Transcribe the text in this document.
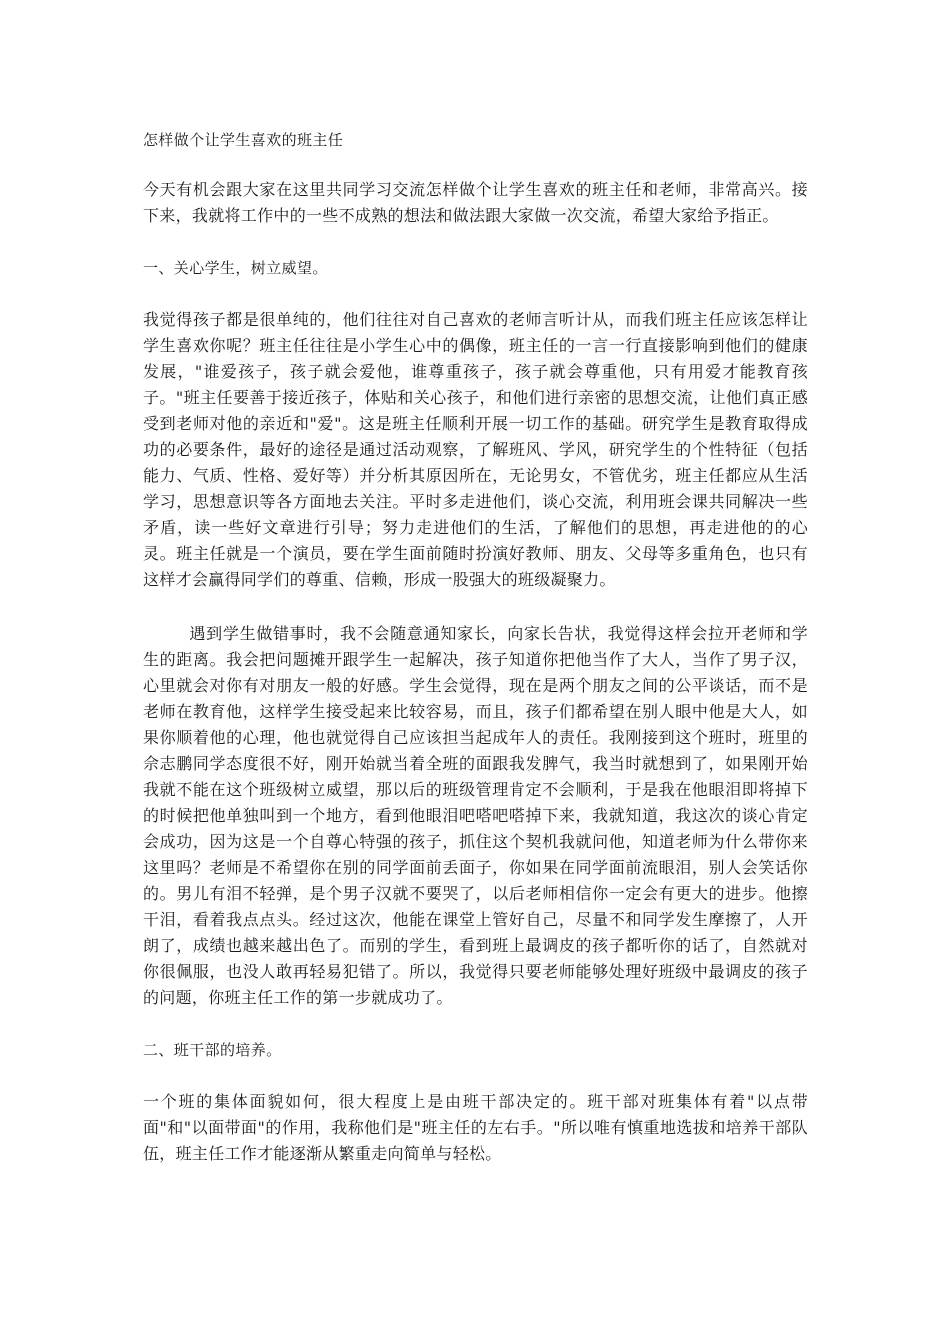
怎样做个让学生喜欢的班主任

今天有机会跟大家在这里共同学习交流怎样做个让学生喜欢的班主任和老师，非常高兴。接下来，我就将工作中的一些不成熟的想法和做法跟大家做一次交流，希望大家给予指正。

一、关心学生，树立威望。

我觉得孩子都是很单纯的，他们往往对自己喜欢的老师言听计从，而我们班主任应该怎样让学生喜欢你呢？班主任往往是小学生心中的偶像，班主任的一言一行直接影响到他们的健康发展，"谁爱孩子，孩子就会爱他，谁尊重孩子，孩子就会尊重他，只有用爱才能教育孩子。"班主任要善于接近孩子，体贴和关心孩子，和他们进行亲密的思想交流，让他们真正感受到老师对他的亲近和"爱"。这是班主任顺利开展一切工作的基础。研究学生是教育取得成功的必要条件，最好的途径是通过活动观察，了解班风、学风，研究学生的个性特征（包括能力、气质、性格、爱好等）并分析其原因所在，无论男女，不管优劣，班主任都应从生活学习，思想意识等各方面地去关注。平时多走进他们，谈心交流，利用班会课共同解决一些矛盾，读一些好文章进行引导；努力走进他们的生活，了解他们的思想，再走进他的的心灵。班主任就是一个演员，要在学生面前随时扮演好教师、朋友、父母等多重角色，也只有这样才会赢得同学们的尊重、信赖，形成一股强大的班级凝聚力。

遇到学生做错事时，我不会随意通知家长，向家长告状，我觉得这样会拉开老师和学生的距离。我会把问题摊开跟学生一起解决，孩子知道你把他当作了大人，当作了男子汉，心里就会对你有对朋友一般的好感。学生会觉得，现在是两个朋友之间的公平谈话，而不是老师在教育他，这样学生接受起来比较容易，而且，孩子们都希望在别人眼中他是大人，如果你顺着他的心理，他也就觉得自己应该担当起成年人的责任。我刚接到这个班时，班里的佘志鹏同学态度很不好，刚开始就当着全班的面跟我发脾气，我当时就想到了，如果刚开始我就不能在这个班级树立威望，那以后的班级管理肯定不会顺利，于是我在他眼泪即将掉下的时候把他单独叫到一个地方，看到他眼泪吧嗒吧嗒掉下来，我就知道，我这次的谈心肯定会成功，因为这是一个自尊心特强的孩子，抓住这个契机我就问他，知道老师为什么带你来这里吗？老师是不希望你在别的同学面前丢面子，你如果在同学面前流眼泪，别人会笑话你的。男儿有泪不轻弹，是个男子汉就不要哭了，以后老师相信你一定会有更大的进步。他擦干泪，看着我点点头。经过这次，他能在课堂上管好自己，尽量不和同学发生摩擦了，人开朗了，成绩也越来越出色了。而别的学生，看到班上最调皮的孩子都听你的话了，自然就对你很佩服，也没人敢再轻易犯错了。所以，我觉得只要老师能够处理好班级中最调皮的孩子的问题，你班主任工作的第一步就成功了。

二、班干部的培养。

一个班的集体面貌如何，很大程度上是由班干部决定的。班干部对班集体有着"以点带面"和"以面带面"的作用，我称他们是"班主任的左右手。"所以唯有慎重地选拔和培养干部队伍，班主任工作才能逐渐从繁重走向简单与轻松。
